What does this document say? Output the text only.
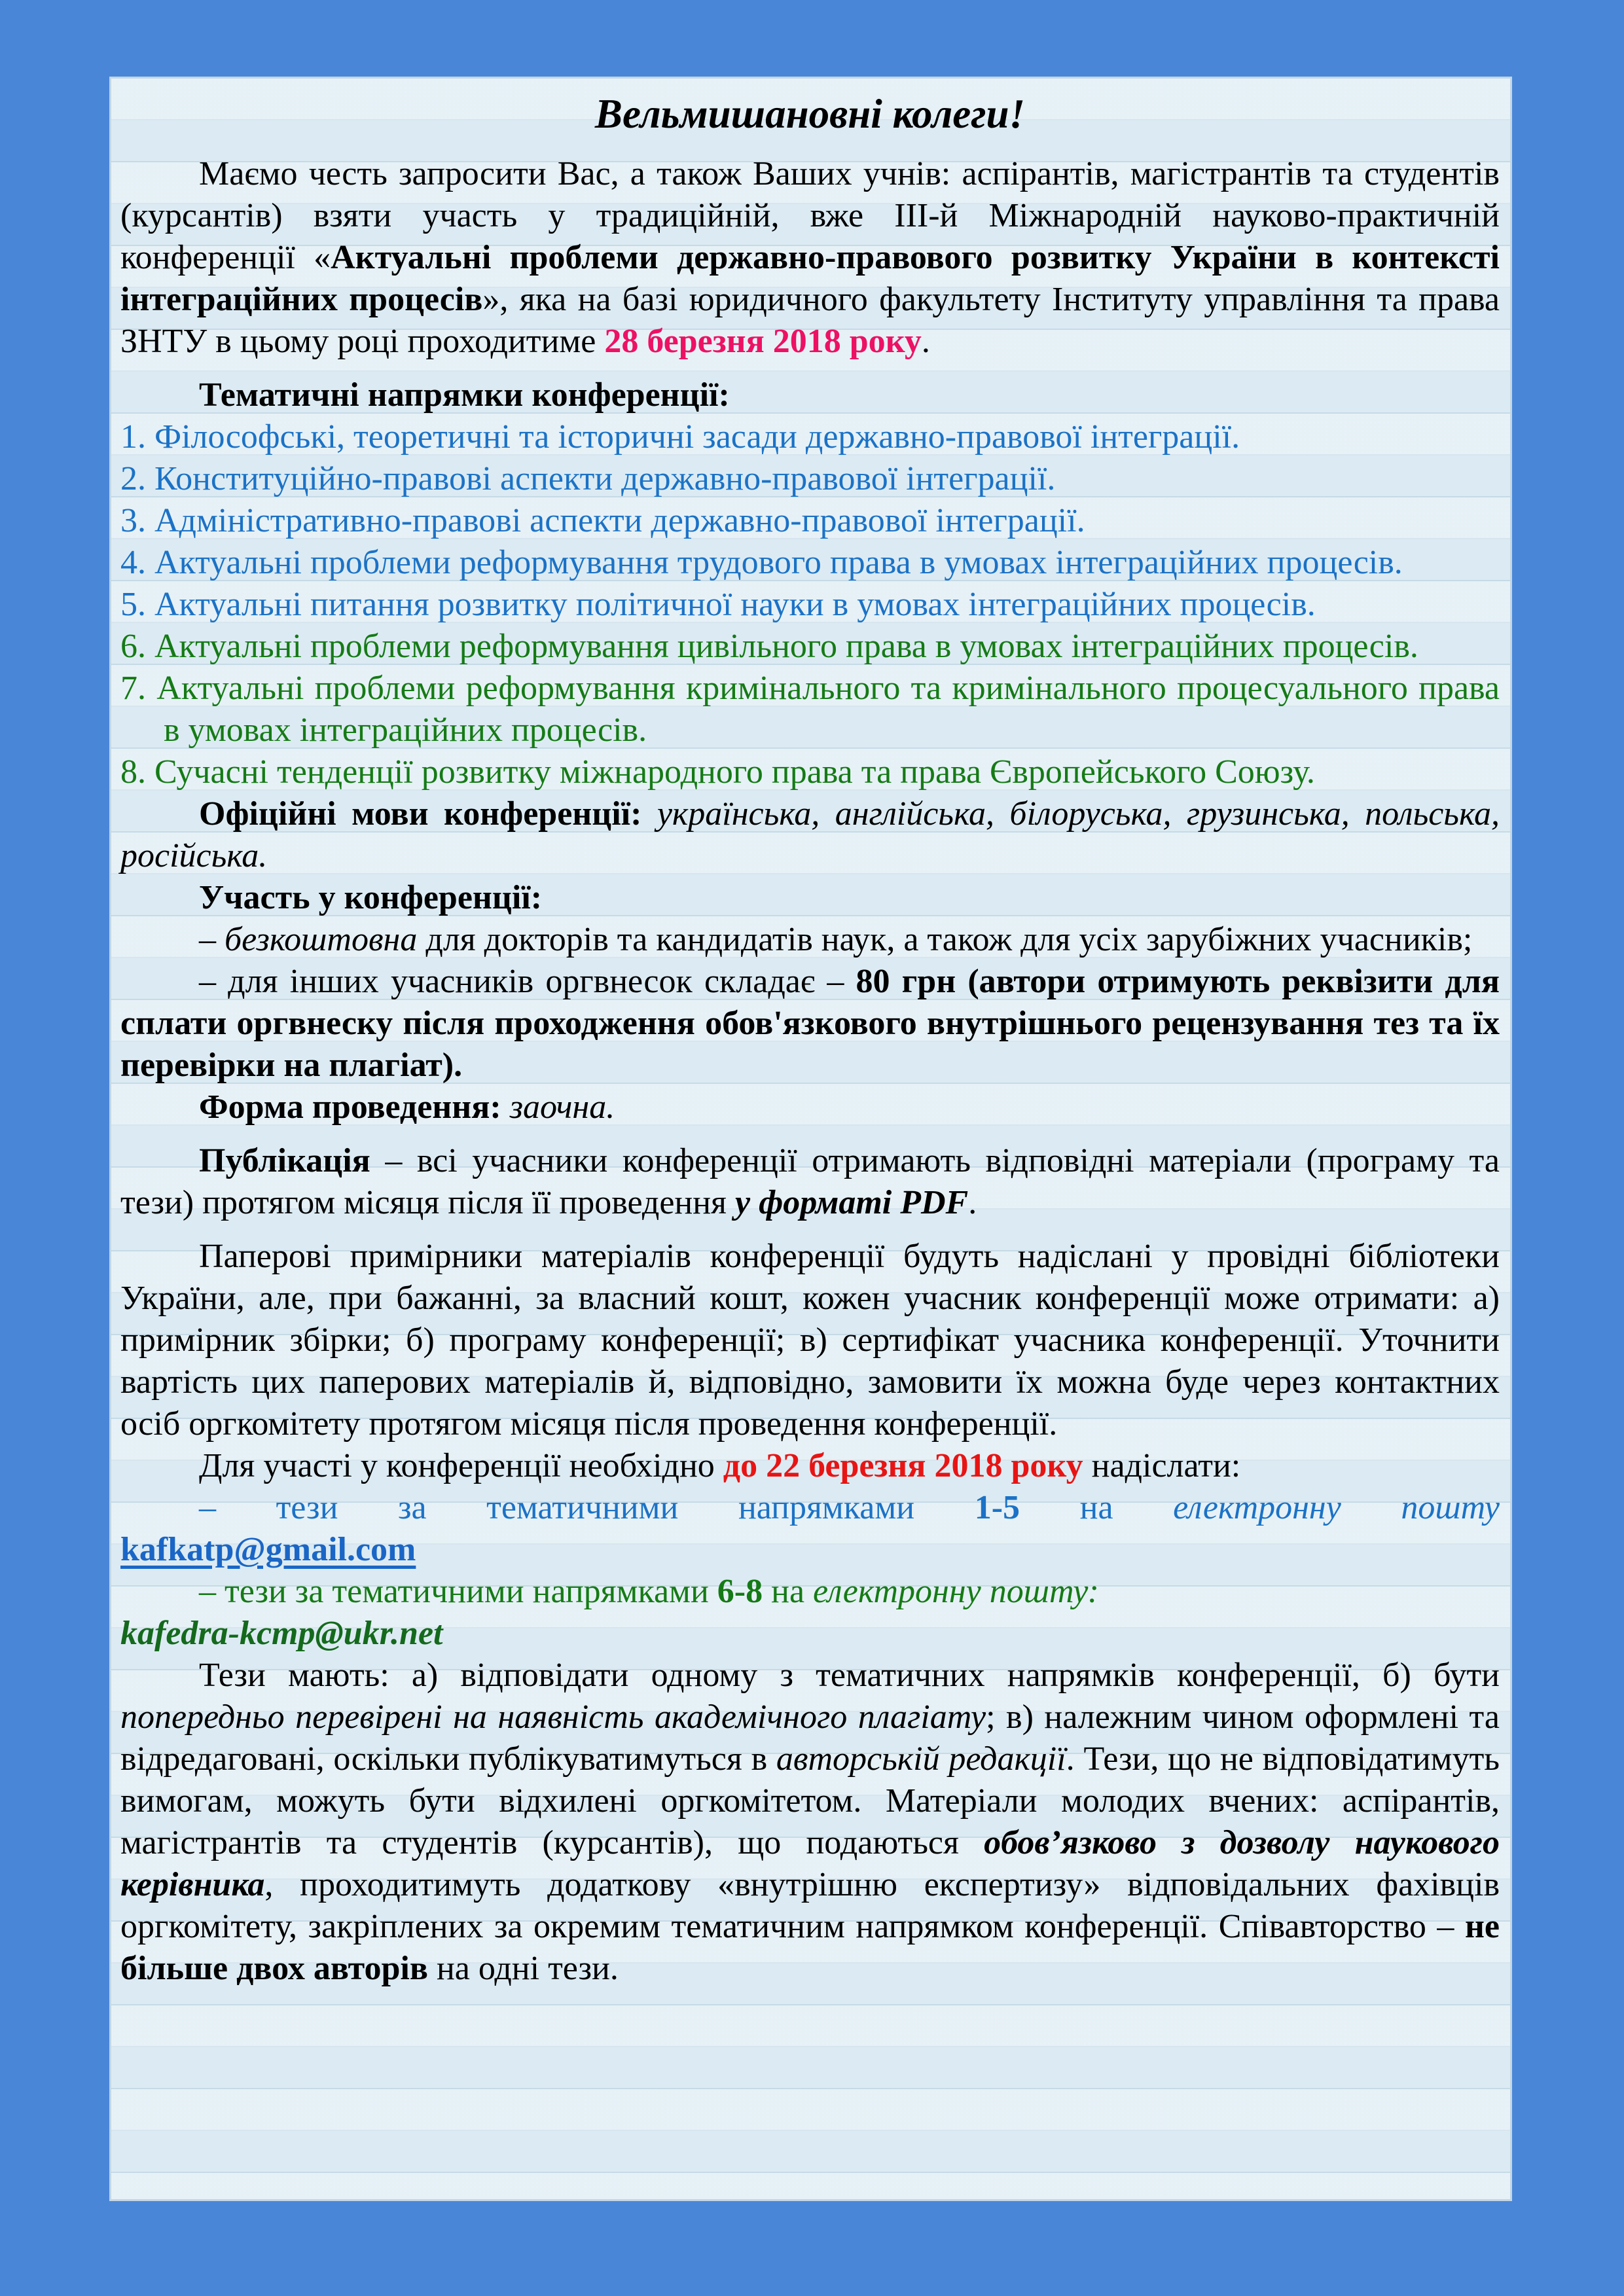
Вельмишановні колеги!

Маємо честь запросити Вас, а також Ваших учнів: аспірантів, магістрантів та студентів (курсантів) взяти участь у традиційній, вже ІІІ-й Міжнародній науково-практичній конференції «Актуальні проблеми державно-правового розвитку України в контексті інтеграційних процесів», яка на базі юридичного факультету Інституту управління та права ЗНТУ в цьому році проходитиме 28 березня 2018 року.

Тематичні напрямки конференції:

1. Філософські, теоретичні та історичні засади державно-правової інтеграції.

2. Конституційно-правові аспекти державно-правової інтеграції.

3. Адміністративно-правові аспекти державно-правової інтеграції.

4. Актуальні проблеми реформування трудового права в умовах інтеграційних процесів.

5. Актуальні питання розвитку політичної науки в умовах інтеграційних процесів.

6. Актуальні проблеми реформування цивільного права в умовах інтеграційних процесів.

7. Актуальні проблеми реформування кримінального та кримінального процесуального права в умовах інтеграційних процесів.

8. Сучасні тенденції розвитку міжнародного права та права Європейського Союзу.

Офіційні мови конференції: українська, англійська, білоруська, грузинська, польська, російська.

Участь у конференції:

– безкоштовна для докторів та кандидатів наук, а також для усіх зарубіжних учасників;

– для інших учасників оргвнесок складає – 80 грн (автори отримують реквізити для сплати оргвнеску після проходження обов'язкового внутрішнього рецензування тез та їх перевірки на плагіат).

Форма проведення: заочна.

Публікація – всі учасники конференції отримають відповідні матеріали (програму та тези) протягом місяця після її проведення у форматі PDF.

Паперові примірники матеріалів конференції будуть надіслані у провідні бібліотеки України, але, при бажанні, за власний кошт, кожен учасник конференції може отримати: а) примірник збірки; б) програму конференції; в) сертифікат учасника конференції. Уточнити вартість цих паперових матеріалів й, відповідно, замовити їх можна буде через контактних осіб оргкомітету протягом місяця після проведення конференції.

Для участі у конференції необхідно до 22 березня 2018 року надіслати:

– тези за тематичними напрямками 1-5 на електронну пошту

kafkatp@gmail.com

– тези за тематичними напрямками 6-8 на електронну пошту:

kafedra-kcmp@ukr.net

Тези мають: а) відповідати одному з тематичних напрямків конференції, б) бути попередньо перевірені на наявність академічного плагіату; в) належним чином оформлені та відредаговані, оскільки публікуватимуться в авторській редакції. Тези, що не відповідатимуть вимогам, можуть бути відхилені оргкомітетом. Матеріали молодих вчених: аспірантів, магістрантів та студентів (курсантів), що подаються обов’язково з дозволу наукового керівника, проходитимуть додаткову «внутрішню експертизу» відповідальних фахівців оргкомітету, закріплених за окремим тематичним напрямком конференції. Співавторство – не більше двох авторів на одні тези.
